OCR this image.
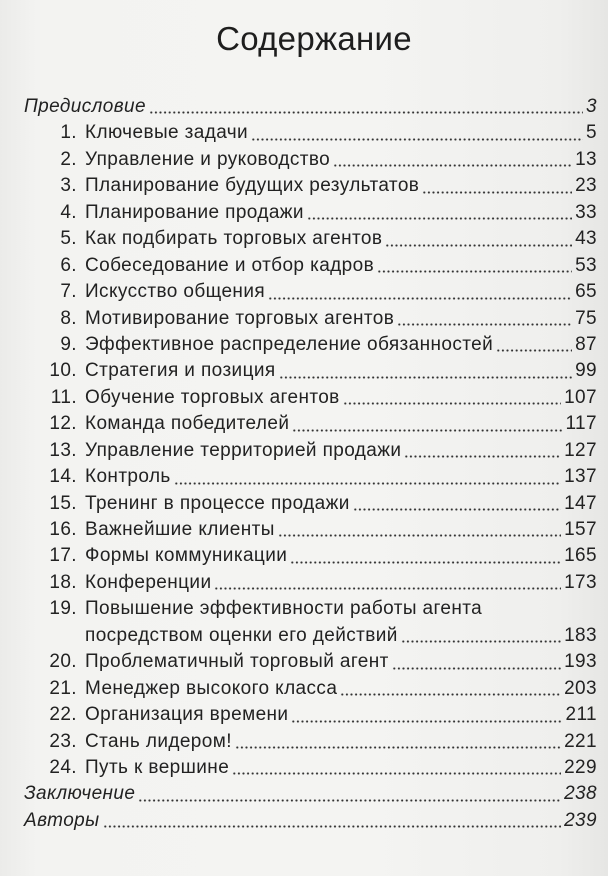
Содержание
Предисловие	3
1. Ключевые задачи	5
2. Управление и руководство	13
3. Планирование будущих результатов	23
4. Планирование продажи	33
5. Как подбирать торговых агентов	43
6. Собеседование и отбор кадров	53
7. Искусство общения	65
8. Мотивирование торговых агентов	75
9. Эффективное распределение обязанностей	87
10. Стратегия и позиция	99
11. Обучение торговых агентов	107
12. Команда победителей	117
13. Управление территорией продажи	127
14. Контроль	137
15. Тренинг в процессе продажи	147
16. Важнейшие клиенты	157
17. Формы коммуникации	165
18. Конференции	173
19. Повышение эффективности работы агента
посредством оценки его действий	183
20. Проблематичный торговый агент	193
21. Менеджер высокого класса	203
22. Организация времени	211
23. Стань лидером!	221
24. Путь к вершине	229
Заключение	238
Авторы	239
